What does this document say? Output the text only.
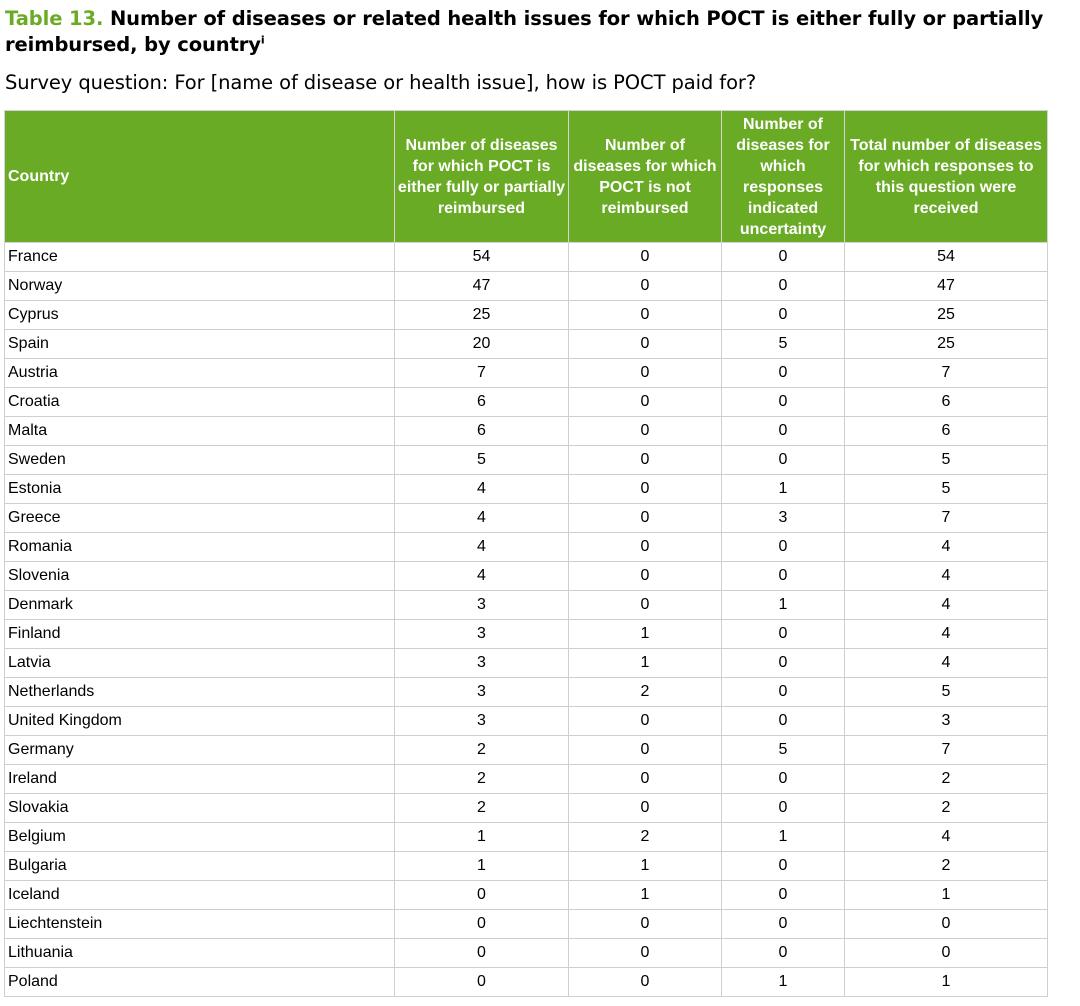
Table 13. Number of diseases or related health issues for which POCT is either fully or partially reimbursed, by country$^i$
Survey question: For [name of disease or health issue], how is POCT paid for?
Country	Number of diseases for which POCT is either fully or partially reimbursed	Number of diseases for which POCT is not reimbursed	Number of diseases for which responses indicated uncertainty	Total number of diseases for which responses to this question were received
France	54	0	0	54
Norway	47	0	0	47
Cyprus	25	0	0	25
Spain	20	0	5	25
Austria	7	0	0	7
Croatia	6	0	0	6
Malta	6	0	0	6
Sweden	5	0	0	5
Estonia	4	0	1	5
Greece	4	0	3	7
Romania	4	0	0	4
Slovenia	4	0	0	4
Denmark	3	0	1	4
Finland	3	1	0	4
Latvia	3	1	0	4
Netherlands	3	2	0	5
United Kingdom	3	0	0	3
Germany	2	0	5	7
Ireland	2	0	0	2
Slovakia	2	0	0	2
Belgium	1	2	1	4
Bulgaria	1	1	0	2
Iceland	0	1	0	1
Liechtenstein	0	0	0	0
Lithuania	0	0	0	0
Poland	0	0	1	1
